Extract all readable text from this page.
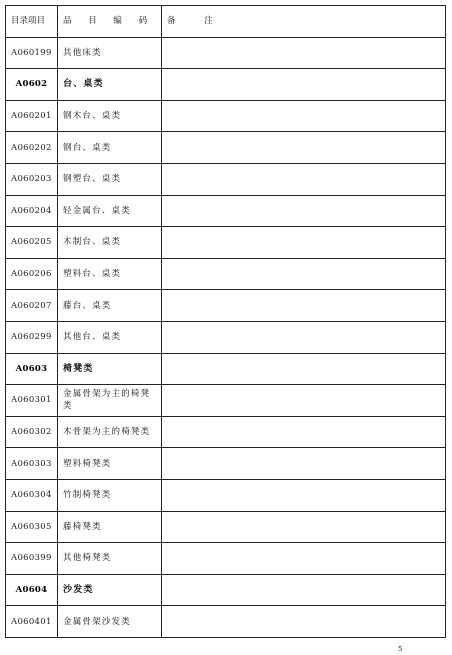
目录项目	品 目 编 码	备 注
A060199	其他床类	
A0602	台、桌类	
A060201	钢木台、桌类	
A060202	钢台、桌类	
A060203	钢塑台、桌类	
A060204	轻金属台、桌类	
A060205	木制台、桌类	
A060206	塑料台、桌类	
A060207	藤台、桌类	
A060299	其他台、桌类	
A0603	椅凳类	
A060301	金属骨架为主的椅凳类	
A060302	木骨架为主的椅凳类	
A060303	塑料椅凳类	
A060304	竹制椅凳类	
A060305	藤椅凳类	
A060399	其他椅凳类	
A0604	沙发类	
A060401	金属骨架沙发类	
5
